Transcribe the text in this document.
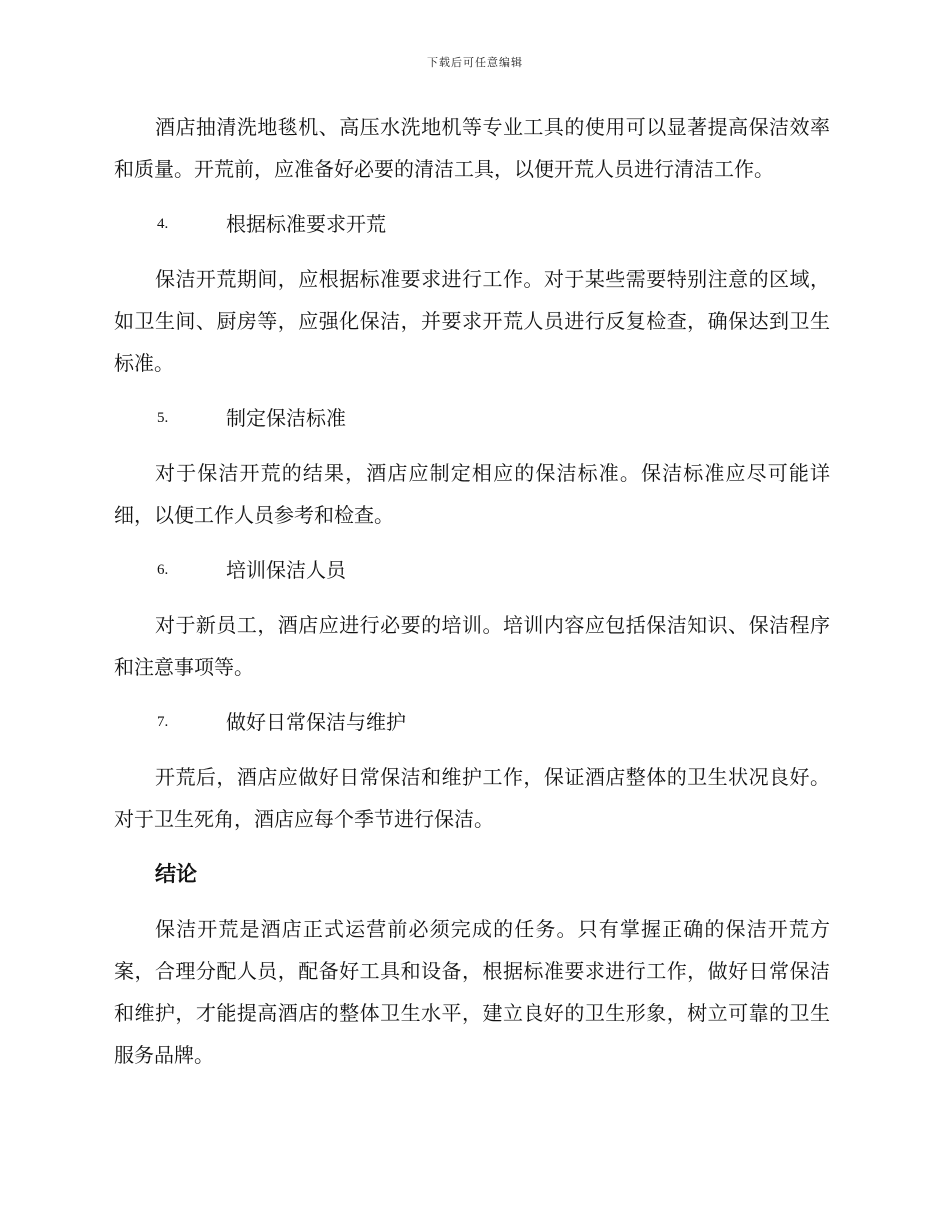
下载后可任意编辑

酒店抽清洗地毯机、高压水洗地机等专业工具的使用可以显著提高保洁效率和质量。开荒前，应准备好必要的清洁工具，以便开荒人员进行清洁工作。

4.	根据标准要求开荒

保洁开荒期间，应根据标准要求进行工作。对于某些需要特别注意的区域，如卫生间、厨房等，应强化保洁，并要求开荒人员进行反复检查，确保达到卫生标准。

5.	制定保洁标准

对于保洁开荒的结果，酒店应制定相应的保洁标准。保洁标准应尽可能详细，以便工作人员参考和检查。

6.	培训保洁人员

对于新员工，酒店应进行必要的培训。培训内容应包括保洁知识、保洁程序和注意事项等。

7.	做好日常保洁与维护

开荒后，酒店应做好日常保洁和维护工作，保证酒店整体的卫生状况良好。对于卫生死角，酒店应每个季节进行保洁。

结论

保洁开荒是酒店正式运营前必须完成的任务。只有掌握正确的保洁开荒方案，合理分配人员，配备好工具和设备，根据标准要求进行工作，做好日常保洁和维护，才能提高酒店的整体卫生水平，建立良好的卫生形象，树立可靠的卫生服务品牌。
